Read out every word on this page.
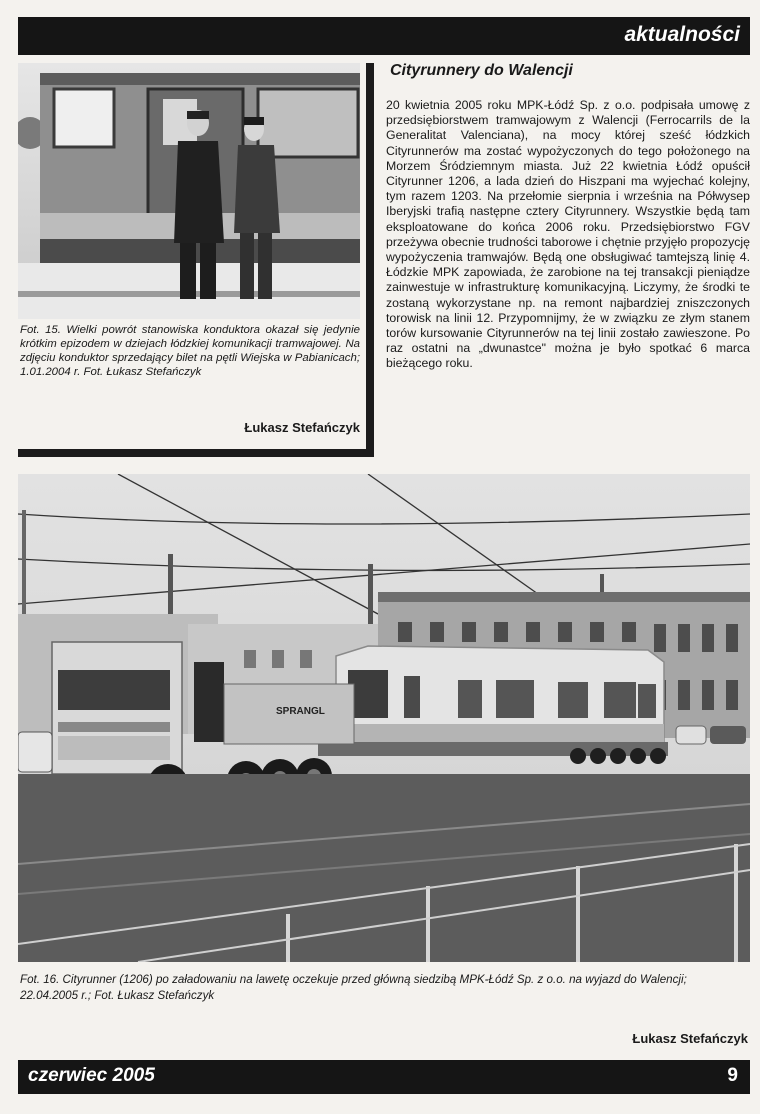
aktualności
Fot. 15. Wielki powrót stanowiska konduktora okazał się jedynie krótkim epizodem w dziejach łódzkiej komunikacji tramwajowej. Na zdjęciu konduktor sprzedający bilet na pętli Wiejska w Pabianicach; 1.01.2004 r. Fot. Łukasz Stefańczyk
Łukasz Stefańczyk
Cityrunnery do Walencji

20 kwietnia 2005 roku MPK-Łódź Sp. z o.o. podpisała umowę z przedsiębiorstwem tramwajowym z Walencji (Ferrocarrils de la Generalitat Valenciana), na mocy której sześć łódzkich Cityrunnerów ma zostać wypożyczonych do tego położonego na Morzem Śródziemnym miasta. Już 22 kwietnia Łódź opuścił Cityrunner 1206, a lada dzień do Hiszpani ma wyjechać kolejny, tym razem 1203. Na przełomie sierpnia i września na Półwysep Iberyjski trafią następne cztery Cityrunnery. Wszystkie będą tam eksploatowane do końca 2006 roku. Przedsiębiorstwo FGV przeżywa obecnie trudności taborowe i chętnie przyjęło propozycję wypożyczenia tramwajów. Będą one obsługiwać tamtejszą linię 4. Łódzkie MPK zapowiada, że zarobione na tej transakcji pieniądze zainwestuje w infrastrukturę komunikacyjną. Liczymy, że środki te zostaną wykorzystane np. na remont najbardziej zniszczonych torowisk na linii 12. Przypomnijmy, że w związku ze złym stanem torów kursowanie Cityrunnerów na tej linii zostało zawieszone. Po raz ostatni na „dwunastce" można je było spotkać 6 marca bieżącego roku.

SPRANGL
Fot. 16. Cityrunner (1206) po załadowaniu na lawetę oczekuje przed główną siedzibą MPK-Łódź Sp. z o.o. na wyjazd do Walencji; 22.04.2005 r.; Fot. Łukasz Stefańczyk
Łukasz Stefańczyk
czerwiec 2005	9
